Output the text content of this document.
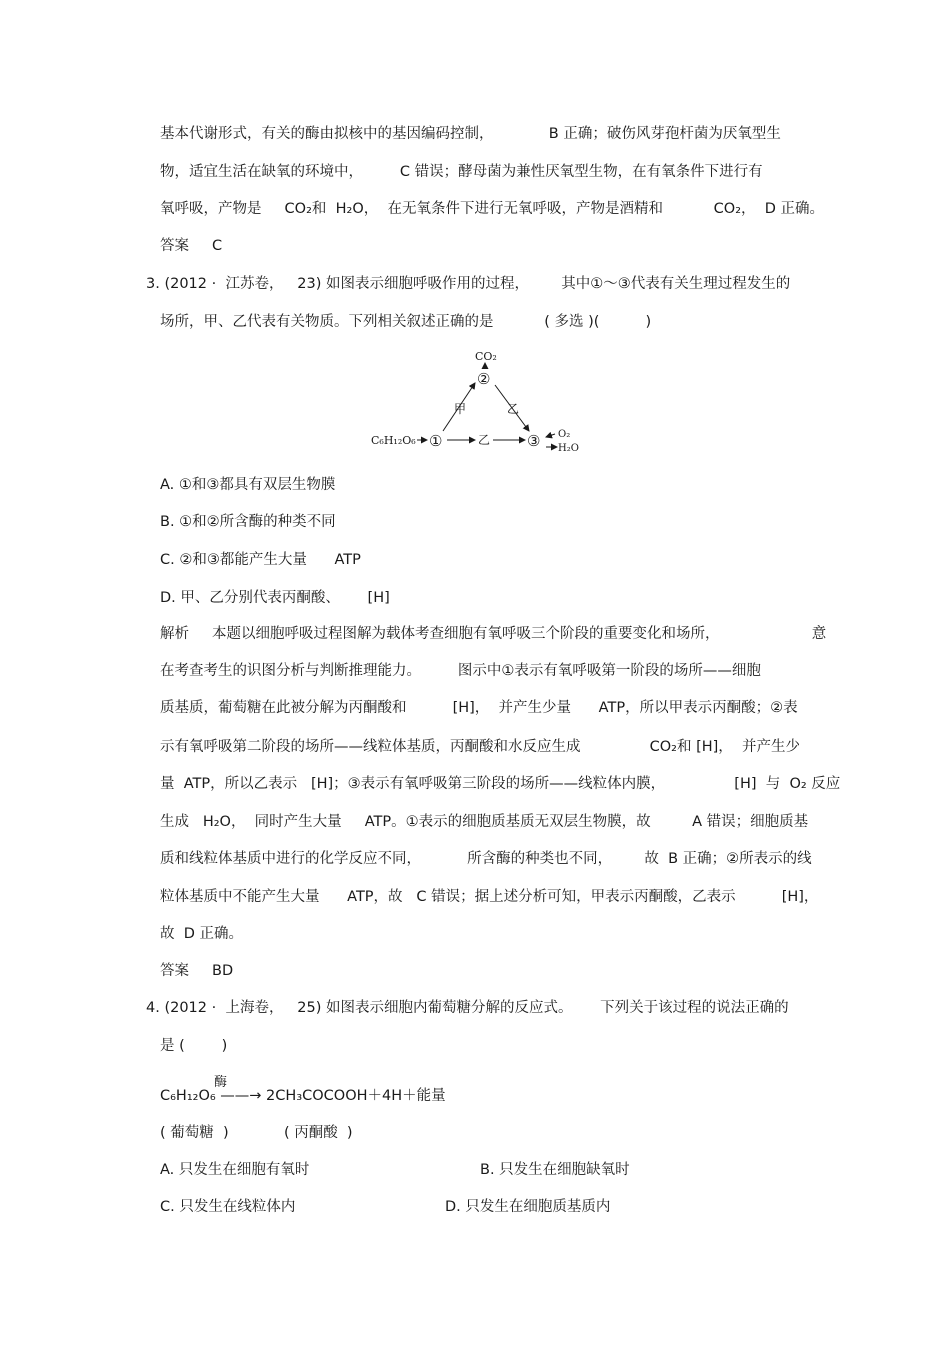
基本代谢形式，有关的酶由拟核中的基因编码控制，            B 正确；破伤风芽孢杆菌为厌氧型生
物，适宜生活在缺氧的环境中，        C 错误；酵母菌为兼性厌氧型生物，在有氧条件下进行有
氧呼吸，产物是     CO₂和  H₂O，  在无氧条件下进行无氧呼吸，产物是酒精和           CO₂，  D 正确。
答案     C
3. (2012 ·  江苏卷，   23) 如图表示细胞呼吸作用的过程，       其中①～③代表有关生理过程发生的
场所，甲、乙代表有关物质。下列相关叙述正确的是           ( 多选 )(          )
CO₂
②
甲	乙
C₆H₁₂O₆ ①	乙 ③ O₂
H₂O
A. ①和③都具有双层生物膜
B. ①和②所含酶的种类不同
C. ②和③都能产生大量      ATP
D. 甲、乙分别代表丙酮酸、      [H]
解析     本题以细胞呼吸过程图解为载体考查细胞有氧呼吸三个阶段的重要变化和场所，                    意
在考查考生的识图分析与判断推理能力。        图示中①表示有氧呼吸第一阶段的场所——细胞
质基质，葡萄糖在此被分解为丙酮酸和          [H]，  并产生少量      ATP，所以甲表示丙酮酸；②表
示有氧呼吸第二阶段的场所——线粒体基质，丙酮酸和水反应生成               CO₂和 [H]，  并产生少
量  ATP，所以乙表示   [H]；③表示有氧呼吸第三阶段的场所——线粒体内膜，               [H]  与  O₂ 反应
生成   H₂O，  同时产生大量     ATP。①表示的细胞质基质无双层生物膜，故         A 错误；细胞质基
质和线粒体基质中进行的化学反应不同，          所含酶的种类也不同，       故  B 正确；②所表示的线
粒体基质中不能产生大量      ATP，故   C 错误；据上述分析可知，甲表示丙酮酸，乙表示          [H]，
故  D 正确。
答案     BD
4. (2012 ·  上海卷，   25) 如图表示细胞内葡萄糖分解的反应式。      下列关于该过程的说法正确的
是 (        )
酶
C₆H₁₂O₆ ——→ 2CH₃COCOOH＋4H＋能量
( 葡萄糖  )            ( 丙酮酸  )
A. 只发生在细胞有氧时	B. 只发生在细胞缺氧时
C. 只发生在线粒体内	D. 只发生在细胞质基质内
